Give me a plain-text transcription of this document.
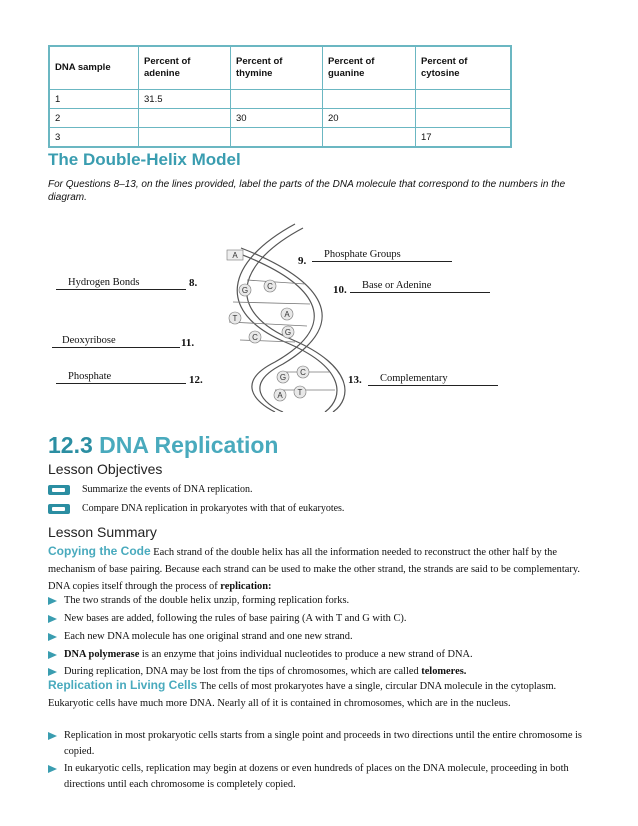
DNA sample	Percent of adenine	Percent of thymine	Percent of guanine	Percent of cytosine
1	31.5			
2		30	20	
3				17
The Double-Helix Model
For Questions 8–13, on the lines provided, label the parts of the DNA molecule that correspond to the numbers in the diagram.
A
G C
T	A
C
G
G
C
A T
9.
Phosphate Groups
Hydrogen Bonds	8.
10.	Base or Adenine
Deoxyribose	11.
Phosphate	12.	13.	Complementary
12.3 DNA Replication
Lesson Objectives
Summarize the events of DNA replication.
Compare DNA replication in prokaryotes with that of eukaryotes.
Lesson Summary
Copying the Code Each strand of the double helix has all the information needed to reconstruct the other half by the mechanism of base pairing. Because each strand can be used to make the other strand, the strands are said to be complementary. DNA copies itself through the process of replication:
The two strands of the double helix unzip, forming replication forks.
New bases are added, following the rules of base pairing (A with T and G with C).
Each new DNA molecule has one original strand and one new strand.
DNA polymerase is an enzyme that joins individual nucleotides to produce a new strand of DNA.
During replication, DNA may be lost from the tips of chromosomes, which are called telomeres.
Replication in Living Cells The cells of most prokaryotes have a single, circular DNA molecule in the cytoplasm. Eukaryotic cells have much more DNA. Nearly all of it is contained in chromosomes, which are in the nucleus.
Replication in most prokaryotic cells starts from a single point and proceeds in two directions until the entire chromosome is copied.
In eukaryotic cells, replication may begin at dozens or even hundreds of places on the DNA molecule, proceeding in both directions until each chromosome is completely copied.
